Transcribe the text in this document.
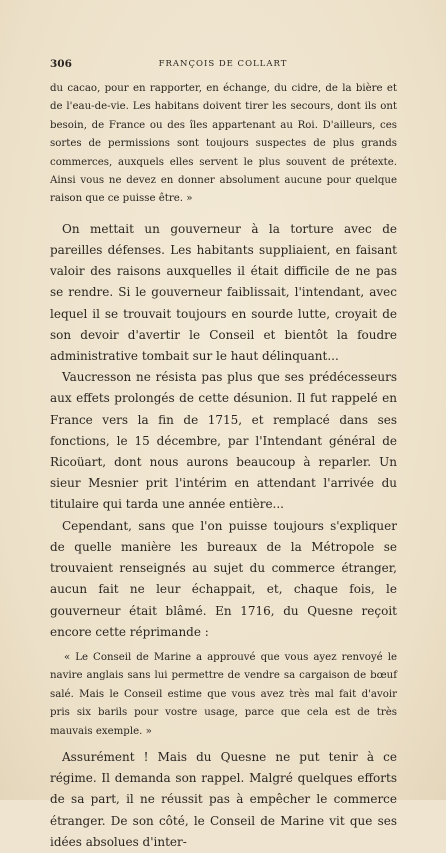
306	FRANÇOIS DE COLLART

du cacao, pour en rapporter, en échange, du cidre, de la bière et de l'eau-de-vie. Les habitans doivent tirer les secours, dont ils ont besoin, de France ou des îles appartenant au Roi. D'ailleurs, ces sortes de permissions sont toujours suspectes de plus grands commerces, auxquels elles servent le plus souvent de prétexte. Ainsi vous ne devez en donner absolument aucune pour quelque raison que ce puisse être. »

On mettait un gouverneur à la torture avec de pareilles défenses. Les habitants suppliaient, en faisant valoir des raisons auxquelles il était difficile de ne pas se rendre. Si le gouverneur faiblissait, l'intendant, avec lequel il se trouvait toujours en sourde lutte, croyait de son devoir d'avertir le Conseil et bientôt la foudre administrative tombait sur le haut délinquant...

Vaucresson ne résista pas plus que ses prédécesseurs aux effets prolongés de cette désunion. Il fut rappelé en France vers la fin de 1715, et remplacé dans ses fonctions, le 15 décembre, par l'Intendant général de Ricoüart, dont nous aurons beaucoup à reparler. Un sieur Mesnier prit l'intérim en attendant l'arrivée du titulaire qui tarda une année entière...

Cependant, sans que l'on puisse toujours s'expliquer de quelle manière les bureaux de la Métropole se trouvaient renseignés au sujet du commerce étranger, aucun fait ne leur échappait, et, chaque fois, le gouverneur était blâmé. En 1716, du Quesne reçoit encore cette réprimande :

« Le Conseil de Marine a approuvé que vous ayez renvoyé le navire anglais sans lui permettre de vendre sa cargaison de bœuf salé. Mais le Conseil estime que vous avez très mal fait d'avoir pris six barils pour vostre usage, parce que cela est de très mauvais exemple. »

Assurément ! Mais du Quesne ne put tenir à ce régime. Il demanda son rappel. Malgré quelques efforts de sa part, il ne réussit pas à empêcher le commerce étranger. De son côté, le Conseil de Marine vit que ses idées absolues d'inter-
